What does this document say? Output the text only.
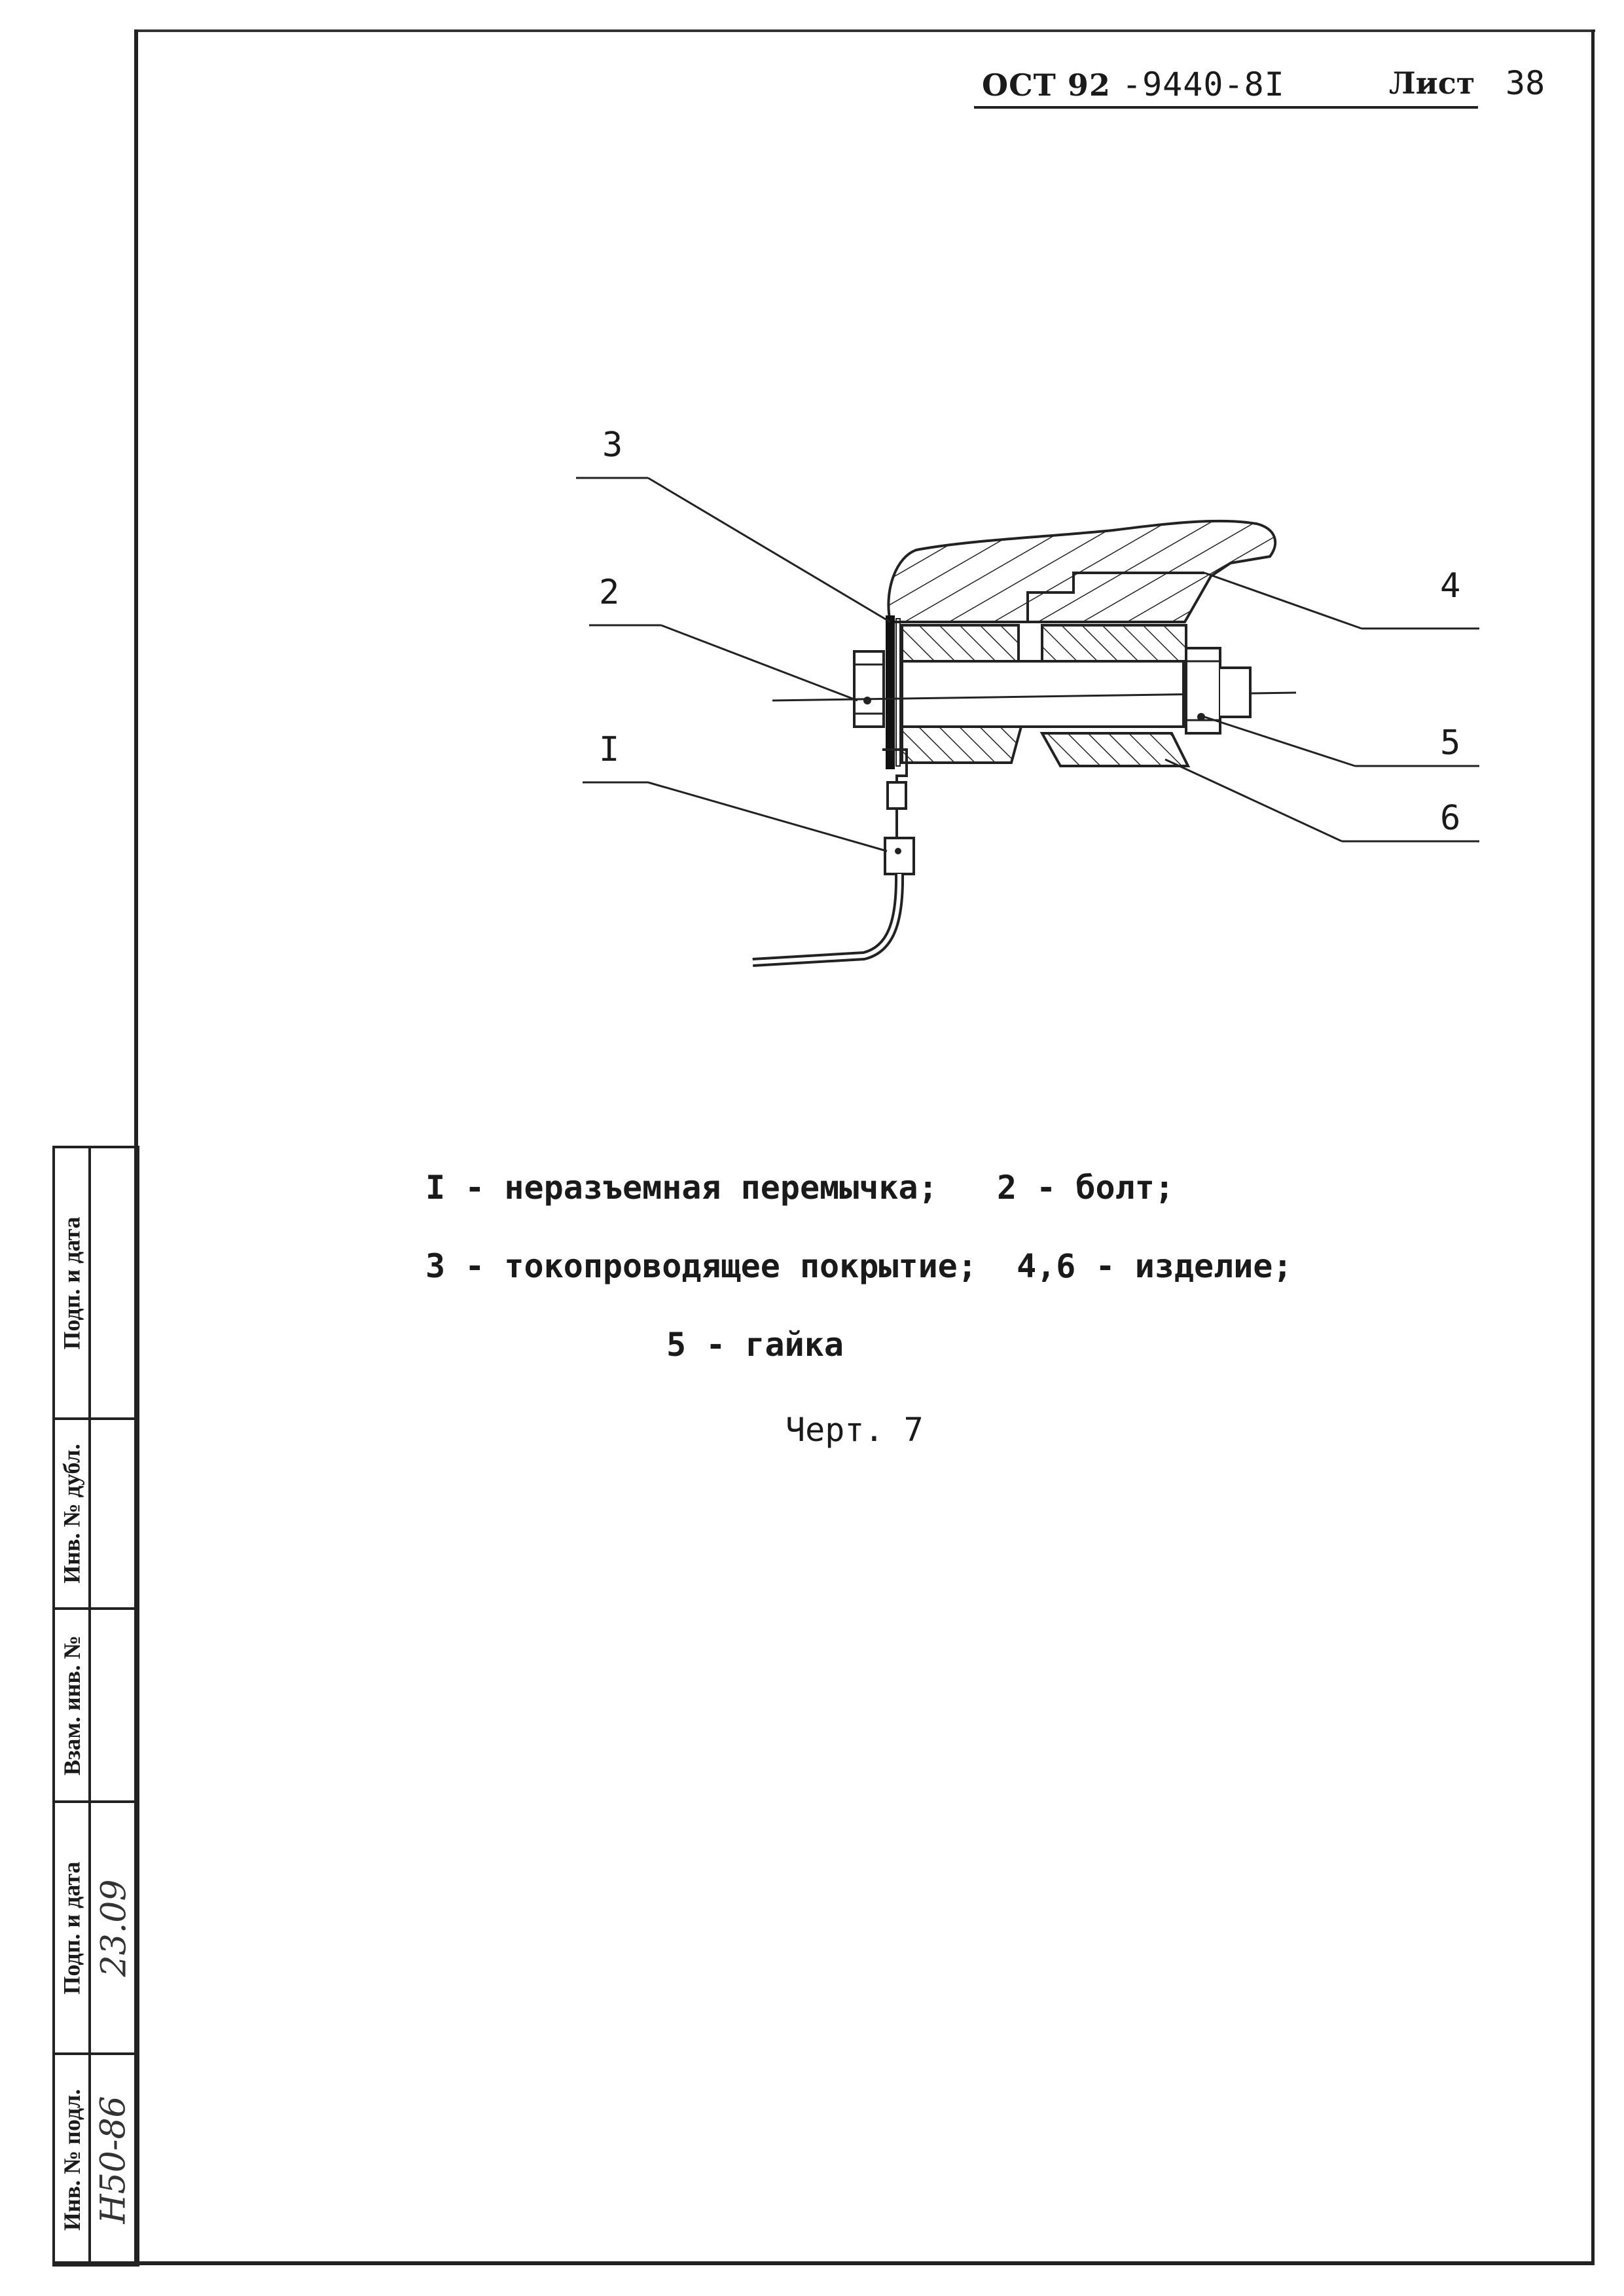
ОСТ 92 -9440-8I	Лист 38
3
2
I
4
5
6
I - неразъемная перемычка;   2 - болт;
3 - токопроводящее покрытие;  4,6 - изделие;
5 - гайка
Черт. 7
Подп. и дата
Инв. № дубл.
Взам. инв. №
Подп. и дата 23.09
Инв. № подл. Н50-86
